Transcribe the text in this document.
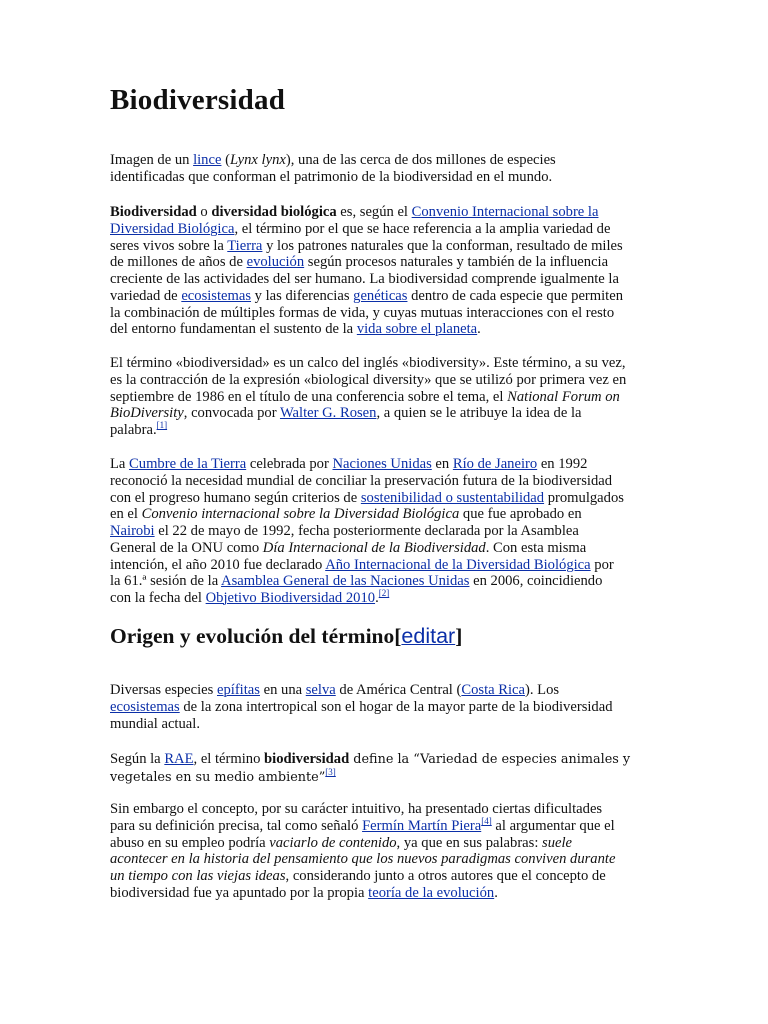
Biodiversidad

Imagen de un lince (Lynx lynx), una de las cerca de dos millones de especies
identificadas que conforman el patrimonio de la biodiversidad en el mundo.

Biodiversidad o diversidad biológica es, según el Convenio Internacional sobre la
Diversidad Biológica, el término por el que se hace referencia a la amplia variedad de
seres vivos sobre la Tierra y los patrones naturales que la conforman, resultado de miles
de millones de años de evolución según procesos naturales y también de la influencia
creciente de las actividades del ser humano. La biodiversidad comprende igualmente la
variedad de ecosistemas y las diferencias genéticas dentro de cada especie que permiten
la combinación de múltiples formas de vida, y cuyas mutuas interacciones con el resto
del entorno fundamentan el sustento de la vida sobre el planeta.

El término «biodiversidad» es un calco del inglés «biodiversity». Este término, a su vez,
es la contracción de la expresión «biological diversity» que se utilizó por primera vez en
septiembre de 1986 en el título de una conferencia sobre el tema, el National Forum on
BioDiversity, convocada por Walter G. Rosen, a quien se le atribuye la idea de la
palabra.[1]

La Cumbre de la Tierra celebrada por Naciones Unidas en Río de Janeiro en 1992
reconoció la necesidad mundial de conciliar la preservación futura de la biodiversidad
con el progreso humano según criterios de sostenibilidad o sustentabilidad promulgados
en el Convenio internacional sobre la Diversidad Biológica que fue aprobado en
Nairobi el 22 de mayo de 1992, fecha posteriormente declarada por la Asamblea
General de la ONU como Día Internacional de la Biodiversidad. Con esta misma
intención, el año 2010 fue declarado Año Internacional de la Diversidad Biológica por
la 61.ª sesión de la Asamblea General de las Naciones Unidas en 2006, coincidiendo
con la fecha del Objetivo Biodiversidad 2010.[2]

Origen y evolución del término[editar]

Diversas especies epífitas en una selva de América Central (Costa Rica). Los
ecosistemas de la zona intertropical son el hogar de la mayor parte de la biodiversidad
mundial actual.

Según la RAE, el término biodiversidad define la “Variedad de especies animales y
vegetales en su medio ambiente”[3]

Sin embargo el concepto, por su carácter intuitivo, ha presentado ciertas dificultades
para su definición precisa, tal como señaló Fermín Martín Piera[4] al argumentar que el
abuso en su empleo podría vaciarlo de contenido, ya que en sus palabras: suele
acontecer en la historia del pensamiento que los nuevos paradigmas conviven durante
un tiempo con las viejas ideas, considerando junto a otros autores que el concepto de
biodiversidad fue ya apuntado por la propia teoría de la evolución.
